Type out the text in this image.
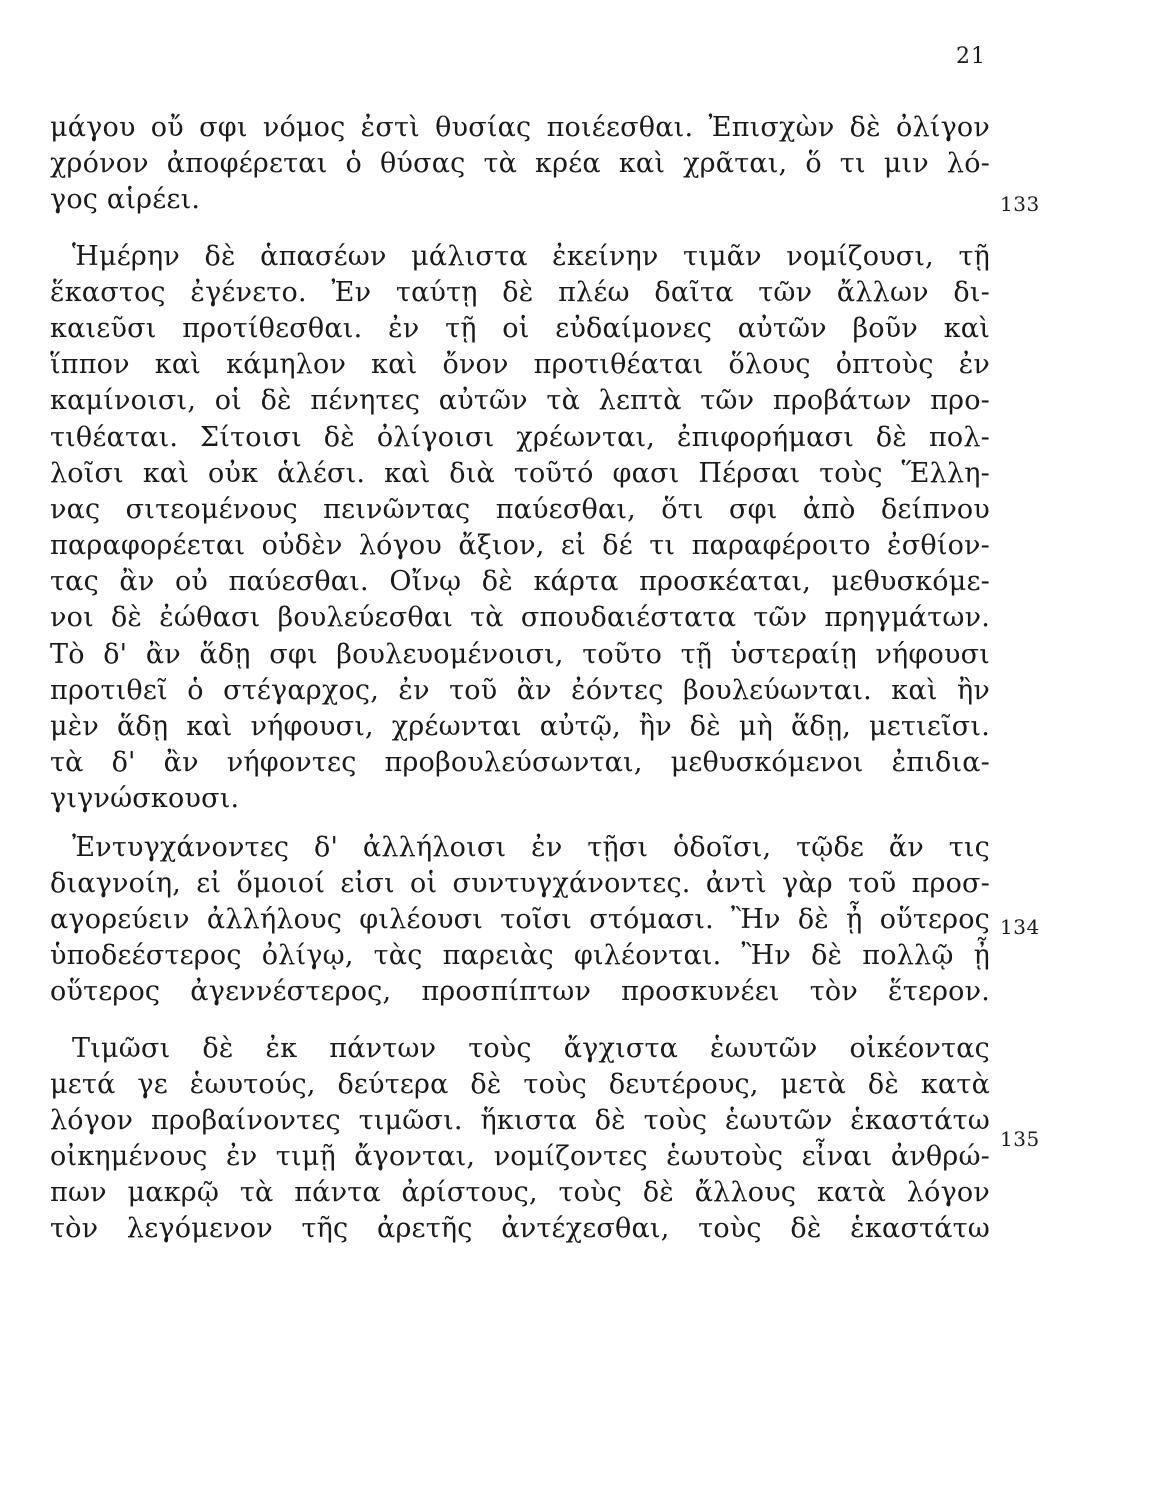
21
133
134
135
μάγου οὔ σφι νόμος ἐστὶ θυσίας ποιέεσθαι. Ἐπισχὼν δὲ ὀλίγον
χρόνον ἀποφέρεται ὁ θύσας τὰ κρέα καὶ χρᾶται, ὅ τι μιν λό-
γος αἱρέει.
Ἡμέρην δὲ ἁπασέων μάλιστα ἐκείνην τιμᾶν νομίζουσι, τῇ
ἕκαστος ἐγένετο. Ἐν ταύτῃ δὲ πλέω δαῖτα τῶν ἄλλων δι-
καιεῦσι προτίθεσθαι. ἐν τῇ οἱ εὐδαίμονες αὐτῶν βοῦν καὶ
ἵππον καὶ κάμηλον καὶ ὄνον προτιθέαται ὅλους ὀπτοὺς ἐν
καμίνοισι, οἱ δὲ πένητες αὐτῶν τὰ λεπτὰ τῶν προβάτων προ-
τιθέαται. Σίτοισι δὲ ὀλίγοισι χρέωνται, ἐπιφορήμασι δὲ πολ-
λοῖσι καὶ οὐκ ἁλέσι. καὶ διὰ τοῦτό φασι Πέρσαι τοὺς Ἕλλη-
νας σιτεομένους πεινῶντας παύεσθαι, ὅτι σφι ἀπὸ δείπνου
παραφορέεται οὐδὲν λόγου ἄξιον, εἰ δέ τι παραφέροιτο ἐσθίον-
τας ἂν οὐ παύεσθαι. Οἴνῳ δὲ κάρτα προσκέαται, μεθυσκόμε-
νοι δὲ ἐώθασι βουλεύεσθαι τὰ σπουδαιέστατα τῶν πρηγμάτων.
Τὸ δ' ἂν ἅδῃ σφι βουλευομένοισι, τοῦτο τῇ ὑστεραίῃ νήφουσι
προτιθεῖ ὁ στέγαρχος, ἐν τοῦ ἂν ἐόντες βουλεύωνται. καὶ ἢν
μὲν ἅδῃ καὶ νήφουσι, χρέωνται αὐτῷ, ἢν δὲ μὴ ἅδῃ, μετιεῖσι.
τὰ δ' ἂν νήφοντες προβουλεύσωνται, μεθυσκόμενοι ἐπιδια-
γιγνώσκουσι.
Ἐντυγχάνοντες δ' ἀλλήλοισι ἐν τῇσι ὁδοῖσι, τῷδε ἄν τις
διαγνοίη, εἰ ὅμοιοί εἰσι οἱ συντυγχάνοντες. ἀντὶ γὰρ τοῦ προσ-
αγορεύειν ἀλλήλους φιλέουσι τοῖσι στόμασι. Ἢν δὲ ᾖ οὕτερος
ὑποδεέστερος ὀλίγῳ, τὰς παρειὰς φιλέονται. Ἢν δὲ πολλῷ ᾖ
οὕτερος ἀγεννέστερος, προσπίπτων προσκυνέει τὸν ἕτερον.
Τιμῶσι δὲ ἐκ πάντων τοὺς ἄγχιστα ἑωυτῶν οἰκέοντας
μετά γε ἑωυτούς, δεύτερα δὲ τοὺς δευτέρους, μετὰ δὲ κατὰ
λόγον προβαίνοντες τιμῶσι. ἥκιστα δὲ τοὺς ἑωυτῶν ἑκαστάτω
οἰκημένους ἐν τιμῇ ἄγονται, νομίζοντες ἑωυτοὺς εἶναι ἀνθρώ-
πων μακρῷ τὰ πάντα ἀρίστους, τοὺς δὲ ἄλλους κατὰ λόγον
τὸν λεγόμενον τῆς ἀρετῆς ἀντέχεσθαι, τοὺς δὲ ἑκαστάτω
